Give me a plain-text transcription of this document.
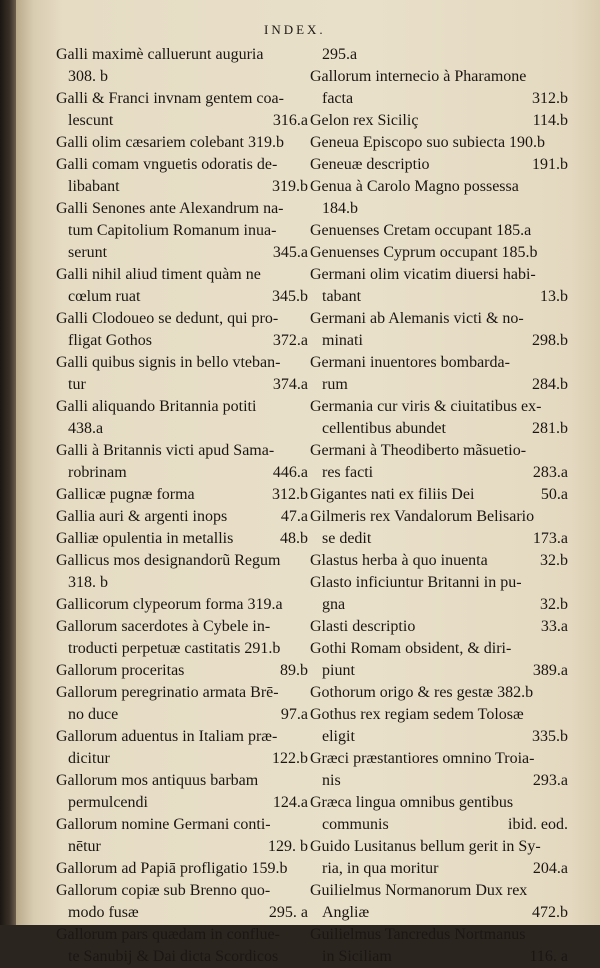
INDEX.
Galli maximè calluerunt auguria
308. b
Galli & Franci invnam gentem coa-
lescunt	316.a
Galli olim cæsariem colebant 319.b
Galli comam vnguetis odoratis de-
libabant	319.b
Galli Senones ante Alexandrum na-
tum Capitolium Romanum inua-
serunt	345.a
Galli nihil aliud timent quàm ne
cœlum ruat	345.b
Galli Clodoueo se dedunt, qui pro-
fligat Gothos	372.a
Galli quibus signis in bello vteban-
tur	374.a
Galli aliquando Britannia potiti
438.a
Galli à Britannis victi apud Sama-
robrinam	446.a
Gallicæ pugnæ forma	312.b
Gallia auri & argenti inops	47.a
Galliæ opulentia in metallis	48.b
Gallicus mos designandorũ Regum
318. b
Gallicorum clypeorum forma 319.a
Gallorum sacerdotes à Cybele in-
troducti perpetuæ castitatis 291.b
Gallorum proceritas	89.b
Gallorum peregrinatio armata Brē-
no duce	97.a
Gallorum aduentus in Italiam præ-
dicitur	122.b
Gallorum mos antiquus barbam
permulcendi	124.a
Gallorum nomine Germani conti-
nētur	129. b
Gallorum ad Papiā profligatio 159.b
Gallorum copiæ sub Brenno quo-
modo fusæ	295. a
Gallorum pars quædam in conflue-
te Sanubij & Dai dicta Scordicos
295.a
Gallorum internecio à Pharamone
facta	312.b
Gelon rex Siciliç	114.b
Geneua Episcopo suo subiecta 190.b
Geneuæ descriptio	191.b
Genua à Carolo Magno possessa
184.b
Genuenses Cretam occupant 185.a
Genuenses Cyprum occupant 185.b
Germani olim vicatim diuersi habi-
tabant	13.b
Germani ab Alemanis victi & no-
minati	298.b
Germani inuentores bombarda-
rum	284.b
Germania cur viris & ciuitatibus ex-
cellentibus abundet	281.b
Germani à Theodiberto mãsuetio-
res facti	283.a
Gigantes nati ex filiis Dei	50.a
Gilmeris rex Vandalorum Belisario
se dedit	173.a
Glastus herba à quo inuenta	32.b
Glasto inficiuntur Britanni in pu-
gna	32.b
Glasti descriptio	33.a
Gothi Romam obsident, & diri-
piunt	389.a
Gothorum origo & res gestæ 382.b
Gothus rex regiam sedem Tolosæ
eligit	335.b
Græci præstantiores omnino Troia-
nis	293.a
Græca lingua omnibus gentibus
communis	ibid. eod.
Guido Lusitanus bellum gerit in Sy-
ria, in qua moritur	204.a
Guilielmus Normanorum Dux rex
Angliæ	472.b
Guilielmus Tancredus Nortmanus
in Siciliam	116. a
